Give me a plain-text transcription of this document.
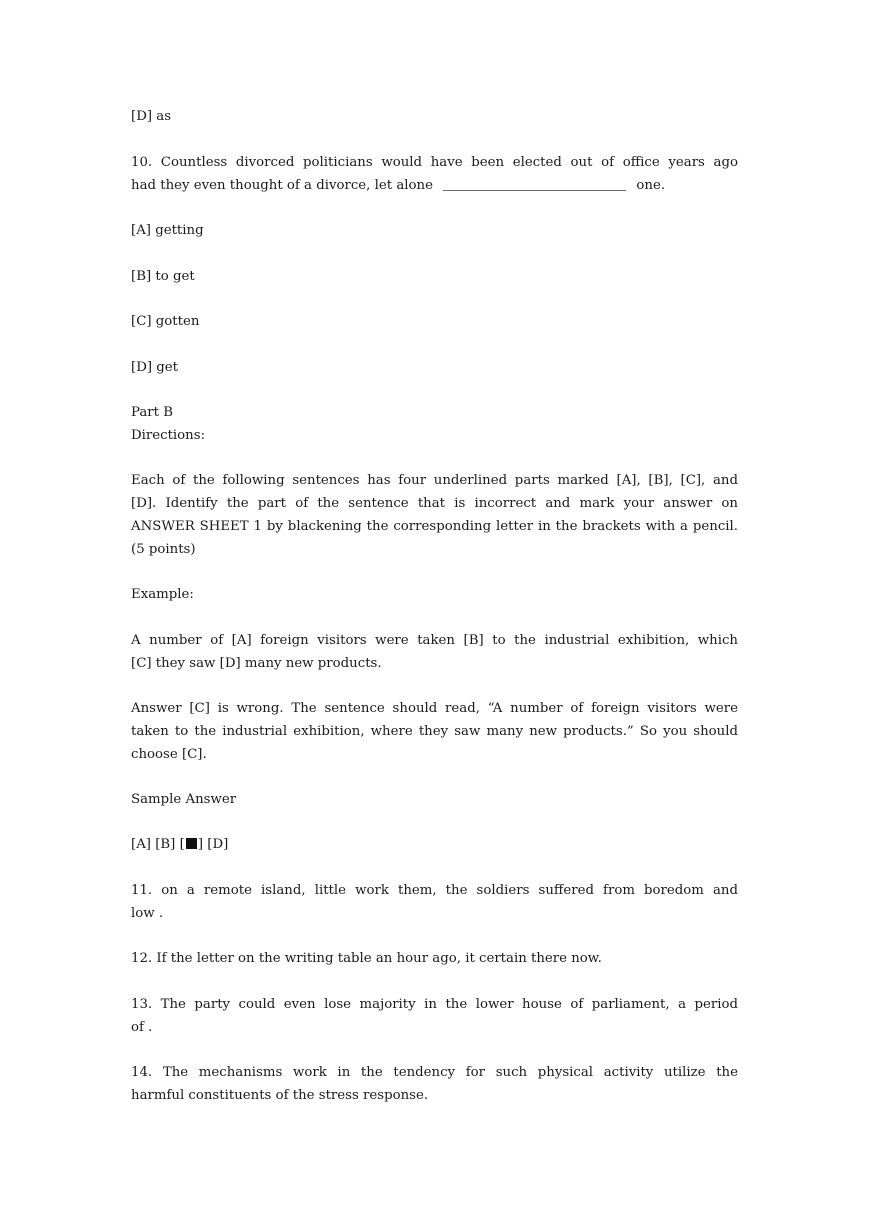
[D] as
10. Countless divorced politicians would have been elected out of office years ago
had they even thought of a divorce, let alone	one.
[A] getting
[B] to get
[C] gotten
[D] get
Part B
Directions:
Each of the following sentences has four underlined parts marked [A], [B], [C], and
[D]. Identify the part of the sentence that is incorrect and mark your answer on
ANSWER SHEET 1 by blackening the corresponding letter in the brackets with a pencil.
(5 points)
Example:
A number of [A] foreign visitors were taken [B] to the industrial exhibition, which
[C] they saw [D] many new products.
Answer [C] is wrong. The sentence should read, “A number of foreign visitors were
taken to the industrial exhibition, where they saw many new products.” So you should
choose [C].
Sample Answer
[A] [B] [ ] [D]
11. on a remote island, little work them, the soldiers suffered from boredom and
low .
12. If the letter on the writing table an hour ago, it certain there now.
13. The party could even lose majority in the lower house of parliament, a period
of .
14. The mechanisms work in the tendency for such physical activity utilize the
harmful constituents of the stress response.
